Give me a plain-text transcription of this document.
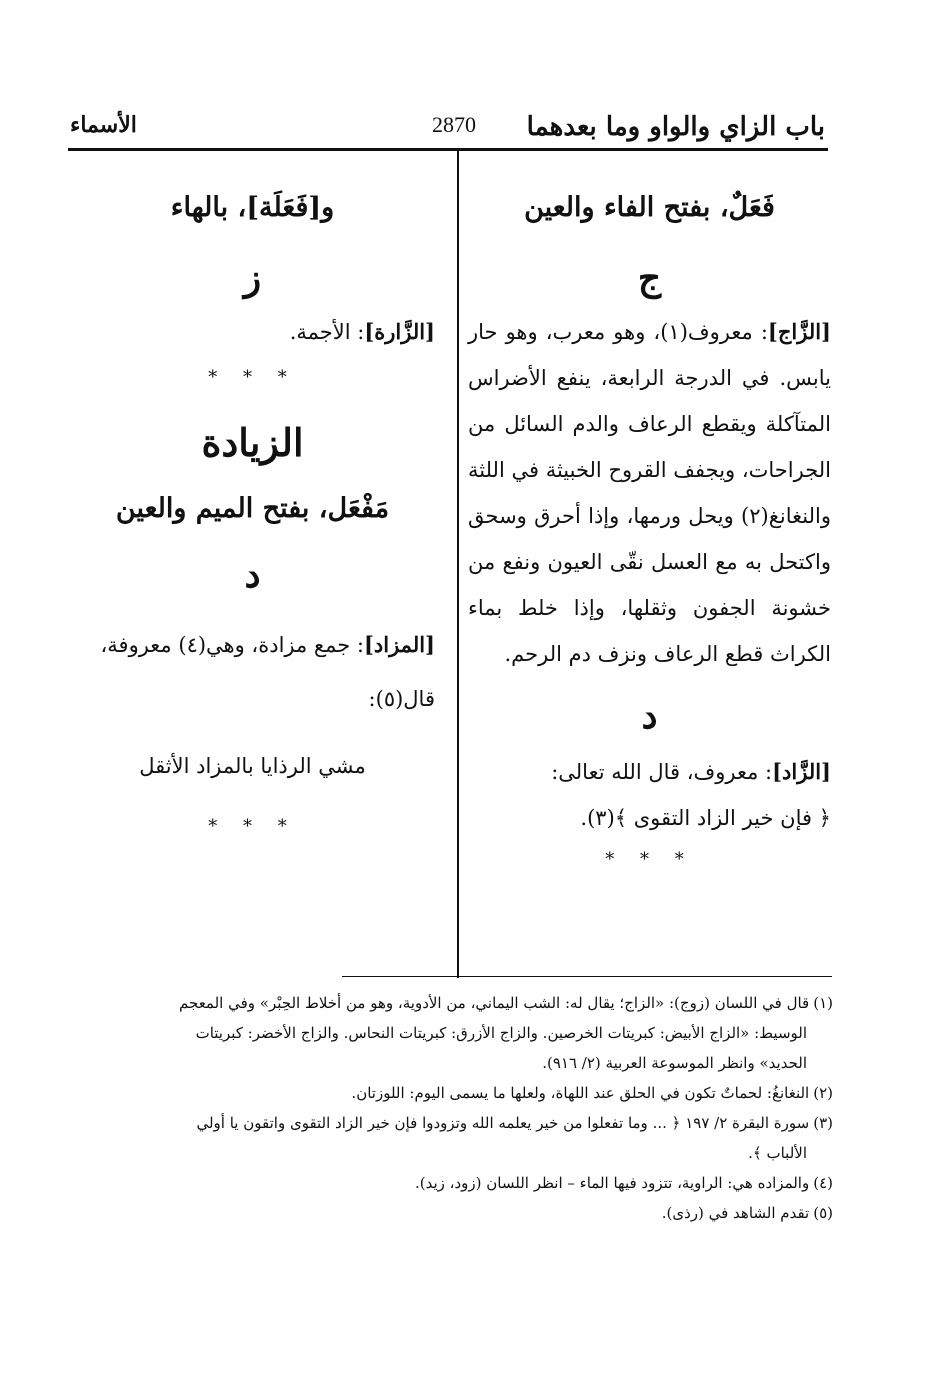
باب الزاي والواو وما بعدهما
2870
الأسماء

فَعَلٌ، بفتح الفاء والعين

ج

[الزَّاج]: معروف(١)، وهو معرب، وهو حار يابس. في الدرجة الرابعة، ينفع الأضراس المتآكلة ويقطع الرعاف والدم السائل من الجراحات، ويجفف القروح الخبيثة في اللثة والنغانغ(٢) ويحل ورمها، وإذا أحرق وسحق واكتحل به مع العسل نقّى العيون ونفع من خشونة الجفون وثقلها، وإذا خلط بماء الكراث قطع الرعاف ونزف دم الرحم.

د

[الزَّاد]: معروف، قال الله تعالى:

﴿ فإن خير الزاد التقوى ﴾(٣).

* * *

و[فَعَلَة]، بالهاء

ز

[الزَّارة]: الأجمة.

* * *

الزيادة

مَفْعَل، بفتح الميم والعين

د

[المزاد]: جمع مزادة، وهي(٤) معروفة،

قال(٥):

مشي الرذايا بالمزاد الأثقل

* * *

(١)قال في اللسان (زوج): «الزاج؛ يقال له: الشب اليماني، من الأدوية، وهو من أخلاط الحِبْر» وفي المعجم

الوسيط: «الزاج الأبيض: كبريتات الخرصين. والزاج الأزرق: كبريتات النحاس. والزاج الأخضر: كبريتات

الحديد» وانظر الموسوعة العربية (٢/ ٩١٦).

(٢)النغانغُ: لحماتٌ تكون في الحلق عند اللهاة، ولعلها ما يسمى اليوم: اللوزتان.

(٣)سورة البقرة ٢/ ١٩٧ ﴿ ... وما تفعلوا من خير يعلمه الله وتزودوا فإن خير الزاد التقوى واتقون يا أولي

الألباب ﴾.

(٤)والمزاده هي: الراوية، تتزود فيها الماء – انظر اللسان (زود، زيد).

(٥)تقدم الشاهد في (رذى).
